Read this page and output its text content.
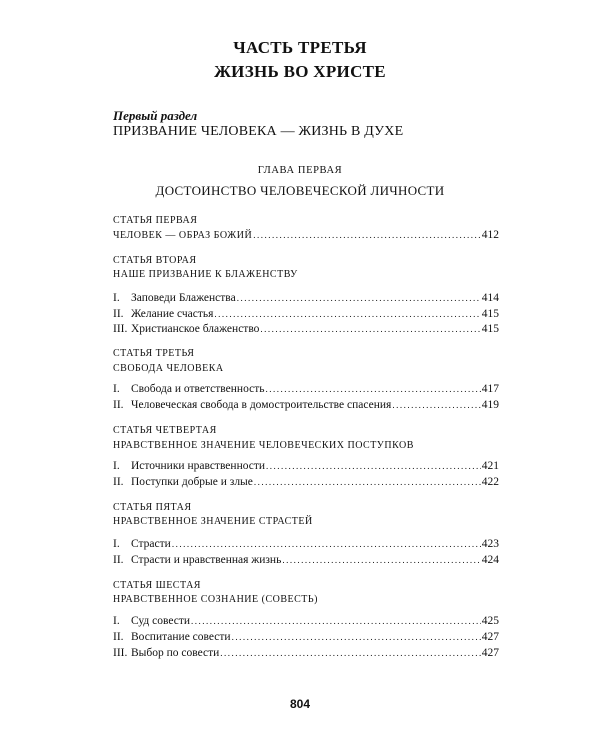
ЧАСТЬ ТРЕТЬЯ
ЖИЗНЬ ВО ХРИСТЕ
Первый раздел
ПРИЗВАНИЕ ЧЕЛОВЕКА — ЖИЗНЬ В ДУХЕ
ГЛАВА ПЕРВАЯ
ДОСТОИНСТВО ЧЕЛОВЕЧЕСКОЙ ЛИЧНОСТИ
СТАТЬЯ ПЕРВАЯ
ЧЕЛОВЕК — ОБРАЗ БОЖИЙ .....	412
СТАТЬЯ ВТОРАЯ
НАШЕ ПРИЗВАНИЕ К БЛАЖЕНСТВУ
I. Заповеди Блаженства .....	414
II. Желание счастья .....	415
III. Христианское блаженство .....	415
СТАТЬЯ ТРЕТЬЯ
СВОБОДА ЧЕЛОВЕКА
I. Свобода и ответственность .....	417
II. Человеческая свобода в домостроительстве спасения .....	419
СТАТЬЯ ЧЕТВЕРТАЯ
НРАВСТВЕННОЕ ЗНАЧЕНИЕ ЧЕЛОВЕЧЕСКИХ ПОСТУПКОВ
I. Источники нравственности .....	421
II. Поступки добрые и злые .....	422
СТАТЬЯ ПЯТАЯ
НРАВСТВЕННОЕ ЗНАЧЕНИЕ СТРАСТЕЙ
I. Страсти .....	423
II. Страсти и нравственная жизнь .....	424
СТАТЬЯ ШЕСТАЯ
НРАВСТВЕННОЕ СОЗНАНИЕ (СОВЕСТЬ)
I. Суд совести .....	425
II. Воспитание совести .....	427
III. Выбор по совести .....	427
804
